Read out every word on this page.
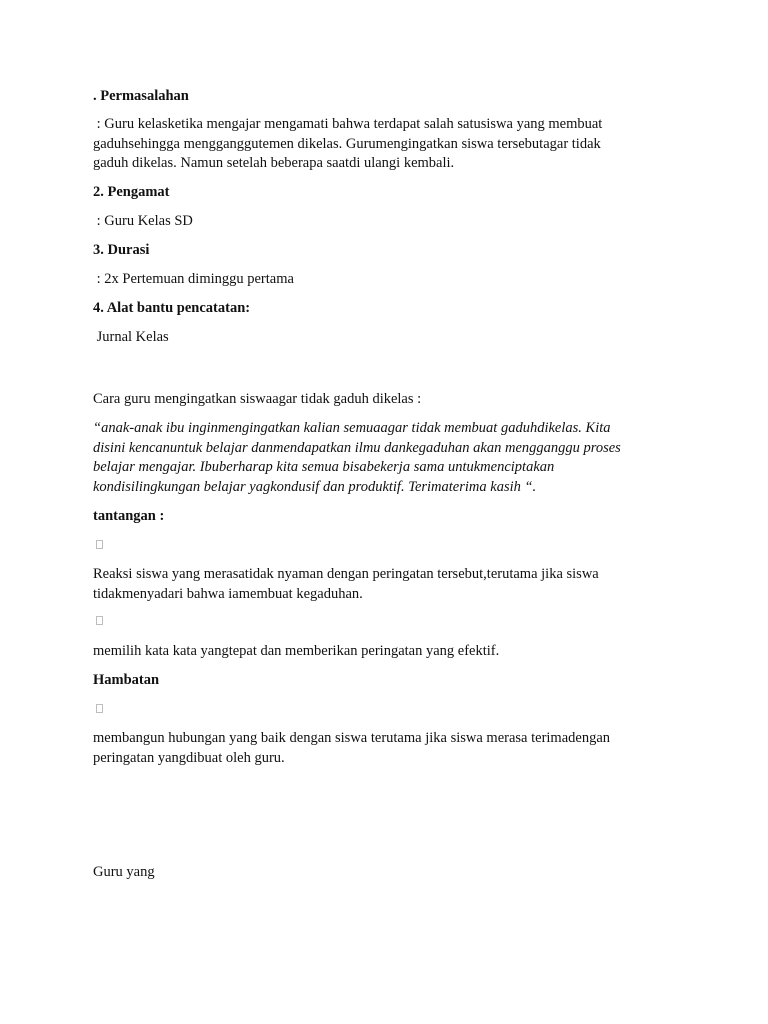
. Permasalahan

: Guru kelasketika mengajar mengamati bahwa terdapat salah satusiswa yang membuat
gaduhsehingga mengganggutemen dikelas. Gurumengingatkan siswa tersebutagar tidak
gaduh dikelas. Namun setelah beberapa saatdi ulangi kembali.

2. Pengamat

: Guru Kelas SD

3. Durasi

: 2x Pertemuan diminggu pertama

4. Alat bantu pencatatan:

Jurnal Kelas

Cara guru mengingatkan siswaagar tidak gaduh dikelas :

“anak-anak ibu inginmengingatkan kalian semuaagar tidak membuat gaduhdikelas. Kita
disini kencanuntuk belajar danmendapatkan ilmu dankegaduhan akan mengganggu proses
belajar mengajar. Ibuberharap kita semua bisabekerja sama untukmenciptakan
kondisilingkungan belajar yagkondusif dan produktif. Terimaterima kasih “.

tantangan :

Reaksi siswa yang merasatidak nyaman dengan peringatan tersebut,terutama jika siswa
tidakmenyadari bahwa iamembuat kegaduhan.

memilih kata kata yangtepat dan memberikan peringatan yang efektif.

Hambatan

membangun hubungan yang baik dengan siswa terutama jika siswa merasa terimadengan
peringatan yangdibuat oleh guru.

Guru yang
